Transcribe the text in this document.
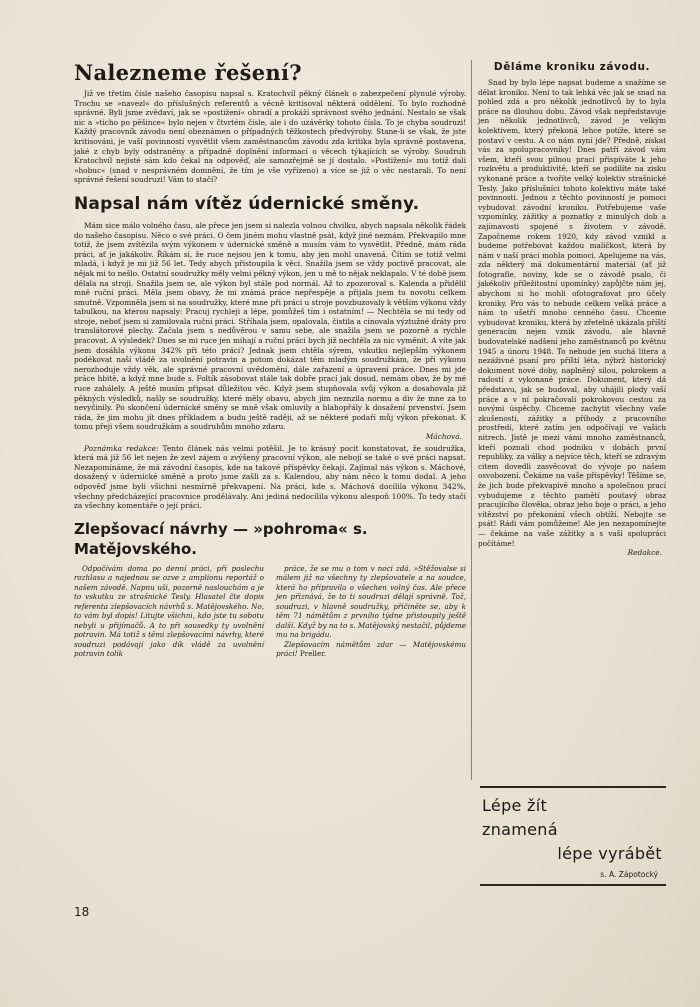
Nalezneme řešení?

Již ve třetím čísle našeho časopisu napsal s. Kratochvíl pěkný článek o zabezpečení plynulé výroby. Trochu se »navezl« do příslušných referentů a věcně kritisoval některá oddělení. To bylo rozhodně správné. Byli jsme zvědaví, jak se »postižení« ohradí a prokáží správnost svého jednání. Nestalo se však nic a »ticho po pěšince« bylo nejen v čtvrtém čísle, ale i do uzávěrky tohoto čísla. To je chyba soudruzi! Každý pracovník závodu není obeznámen o případných těžkostech předvýroby. Stane-li se však, že jste kritisováni, je vaší povinností vysvětlit všem zaměstnancům závodu zda kritika byla správně postavena, jaké z chyb byly odstraněny a případně doplnění informací o věcech týkajících se výroby. Soudruh Kratochvíl nejisté sám kdo čekal na odpověď, ale samozřejmě se jí dostalo. »Postižení« mu totiž dali »hobuc« (snad v nesprávném domnění, že tím je vše vyřízeno) a více se již o věc nestarali. To není správné řešení soudruzi! Vám to stačí?

Napsal nám vítěz údernické směny.

Mám sice málo volného času, ale přece jen jsem si nalezla volnou chvilku, abych napsala několik řádek do našeho časopisu. Něco o své práci. O čem jiném mohu vlastně psát, když jiné neznám. Překvapilo mne totiž, že jsem zvítězila svým výkonem v údernické směně a musím vám to vysvětlit. Předně, mám ráda práci, ať je jakákoliv. Říkám si, že ruce nejsou jen k tomu, aby jen mohl unavená. Čítím se totiž velmi mladá, i když je mi již 56 let. Tedy abych přistoupila k věci. Snažila jsem se vždy poctivě pracovat, ale nějak mi to nešlo. Ostatní soudružky měly velmi pěkný výkon, jen u mě to nějak neklapalo. V té době jsem dělala na stroji. Snažila jsem se, ale výkon byl stále pod normál. Až to zpozoroval s. Kalenda a přidělil mně ruční práci. Měla jsem obavy, že mi známá práce nepřespěje a přijala jsem tu novotu celkem smutně. Vzpomněla jsem si na soudružky, které mne při práci u stroje povzbuzovaly k větším výkonu vždy tabulkou, na kterou napsaly: Pracuj rychleji a lépe, pomůžeš tím i ostatním! — Nechtěla se mi tedy od stroje, neboť jsem si zamilovala ruční práci. Stříhala jsem, opalovala, čistila a cínovala výztužné dráty pro translátorové plechy. Začala jsem s nedůvěrou v samu sebe, ale snažila jsem se pozorně a rychle pracovat. A výsledek? Dnes se mi ruce jen mihají a ruční práci bych již nechtěla za nic vyměnit. A víte jak jsem dosáhla výkonu 342% při této práci? Jednak jsem chtěla sýrem, vskutku nejlepším výkonem podékovat naší vládě za uvolnění potravin a potom dokázat těm mladým soudružkám, že při výkonu nerozhoduje vždy věk, ale správné pracovní uvědomění, dále zařazení a úpravení práce. Dnes mi jde práce hbitě, a když mne bude s. Foltík zásobovat stále tak dobře prací jak dosud, nemám obav, že by mé ruce zahálely. A ještě musím připsat důležitou věc. Když jsem stupňovala svůj výkon a dosahovala již pěkných výsledků, našly se soudružky, které měly obavu, abych jim neznzila normu a div že mne za to nevyčinily. Po skončení údernické směny se mně však omluvily a blahopřály k dosažení prvenství. Jsem ráda, že jim mohu jít dnes příkladem a budu ještě raději, až se některé podaří můj výkon překonat. K tomu přeji všem soudružkám a soudruhům mnoho zdaru.

Máchová.

Poznámka redakce: Tento článek nás velmi potěšil. Je to krásný pocit konstatovat, že soudružka, která má již 56 let nejen že zevl zájem o zvýšený pracovní výkon, ale nebojí se také o své práci napsat. Nezapomínáme, že má závodní časopis, kde na takové příspěvky čekají. Zajímal nás výkon s. Máchové, dosažený v údernické směně a proto jsme zašli za s. Kalendou, aby nám něco k tomu dodal. A jeho odpověď jsme byli všichni nesmírně překvapení. Na práci, kde s. Máchová docílila výkonu 342%, všechny předcházející pracovnice prodělávaly. Ani jediná nedocílila výkonu alespoň 100%. To tedy stačí za všechny komentáře o její práci.

Zlepšovací návrhy — »pohroma« s. Matějovského.

Odpočívám doma po denní práci, při poslechu rozhlasu a najednou se ozve z amplionu reportáž o našem závodě. Napnu uši, pozorně naslouchám a je to vskutku ze strašnické Tesly. Hlasatel čte dopis referenta zlepšovacích návrhů s. Matějovského. No, to vám byl dopis! Litujte všichni, kdo jste tu sobotu nebyli u přijímačů. A to při sousedky ty uvolnění potravin. Má totiž s těmi zlepšovacími návrhy, které soudruzi podávají jako dík vládě za uvolnění potravin tolik

práce, že se mu o tom v noci zdá. »Stěžovalse si málem již na všechny ty zlepšovatele a na soudce, která ho připravila o všechen volný čas. Ale přece jen přiznává, že to ti soudruzi dělají správně. Tož, soudruzi, v hlavně soudružky, přičiněte se, aby k těm 71 námětům z prvního týdne přistoupily ještě další. Když by na to s. Matějovský nestačil, půjdeme mu na brigádu.

Zlepšovacím námětům zdar — Matějovskému práci! Preller.

Děláme kroniku závodu.

Snad by bylo lépe napsat budeme a snažíme se dělat kroniku. Není to tak lehká věc jak se snad na pohled zdá a pro několik jednotlivců by to byla práce na dlouhou dobu. Závod však nepředstavuje jen několik jednotlivců, závod je velkým kolektivem, který překoná lehce potíže, které se postaví v cestu. A co nám nyní jde? Předně, získat vás za spolupracovníky! Dnes patří závod vám všem, kteří svou pilnou prací přispíváte k jeho rozkvětu a produktivitě, kteří se podílíte na zisku vykonané práce a tvoříte velký kolektiv strašnické Tesly. Jako příslušníci tohoto kolektivu máte také povinnosti. Jednou z těchto povinností je pomoci vybudovat závodní kroniku. Potřebujeme vaše vzpomínky, zážitky a poznatky z minulých dob a zajímavosti spojené s životem v závodě. Započneme rokem 1920, kdy závod vznikl a budeme potřebovat každou maličkost, která by nám v naší práci mohla pomoci. Apelujeme na vás, zda některý má dokumentární materiál (ať již fotografie, noviny, kde se o závodě psalo, či jakékoliv příležitostní upomínky) zapůjčte nám jej, abychom si ho mohli ofotografovat pro účely kroniky. Pro vás to nebude celkem velká práce a nám to ušetří mnoho cenného času. Chceme vybudovat kroniku, která by zřetelně ukázala příští generacím nejen vznik závodu, ale hlavně budovatelské nadšení jeho zaměstnanců po květnu 1945 a únoru 1948. To nebude jen suchá litera a nezáživné psaní pro příští léta, nýbrž historický dokument nové doby, naplněný silou, pokrokem a radostí z vykonané práce. Dokument, který dá představu, jak se budoval, aby uhájili plody vaší práce a v ní pokračovali pokrokovou cestou za novými úspěchy. Chceme zachytit všechny vaše zkušenosti, zážitky a příhody z pracovního prostředí, které zatím jen odpočívají ve vašich nitrech. Jistě je mezi vámi mnoho zaměstnanců, kteří poznali chod podniku v dobách první republiky, za války a nejvíce těch, kteří se zdravým citem dovedli zasvěcovat do vývoje po našem osvobození. Čekáme na vaše příspěvky! Těšíme se, že jich bude překvapivě mnoho a společnou prací vybudujeme z těchto pamětí poutavý obraz pracujícího člověka, obraz jeho boje o práci, a jeho vítězství po překonání všech obtíží. Nebojte se psát! Rádi vám pomůžeme! Ale jen nezapomínejte — čekáme na vaše zážitky a s vaší spolupráci počítáme!

Redakce.
Lépe žít
znamená
lépe vyrábět
s. A. Zápotocký
18
